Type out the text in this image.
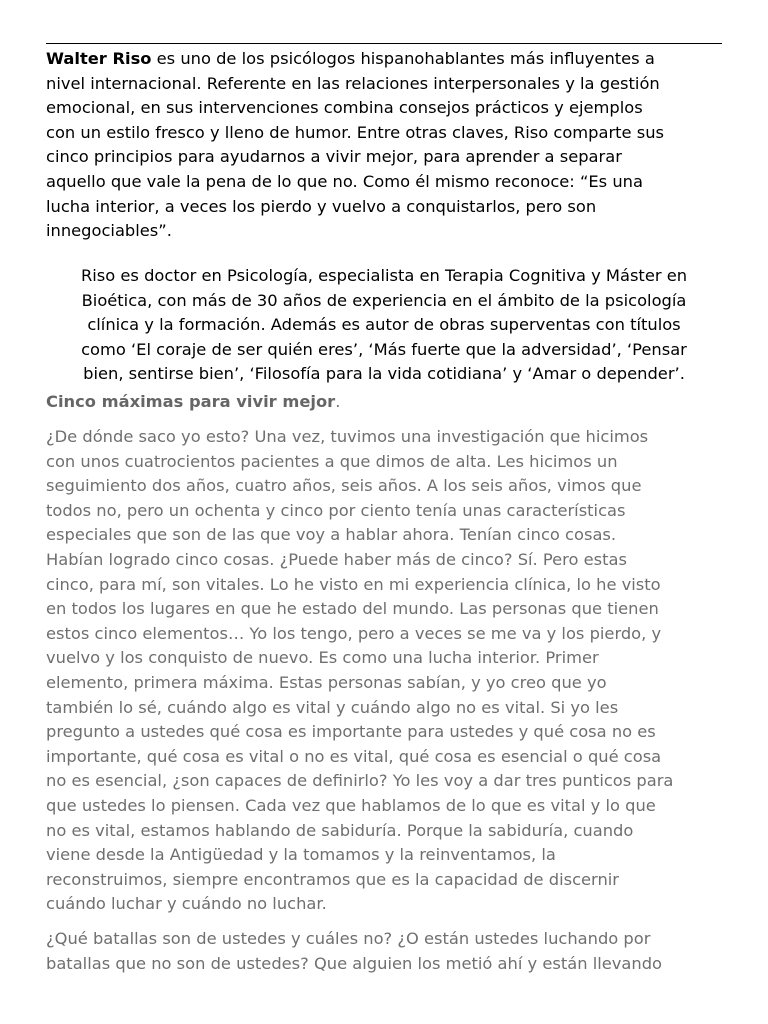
Walter Riso es uno de los psicólogos hispanohablantes más influyentes a
nivel internacional. Referente en las relaciones interpersonales y la gestión
emocional, en sus intervenciones combina consejos prácticos y ejemplos
con un estilo fresco y lleno de humor. Entre otras claves, Riso comparte sus
cinco principios para ayudarnos a vivir mejor, para aprender a separar
aquello que vale la pena de lo que no. Como él mismo reconoce: “Es una
lucha interior, a veces los pierdo y vuelvo a conquistarlos, pero son
innegociables”.

Riso es doctor en Psicología, especialista en Terapia Cognitiva y Máster en
Bioética, con más de 30 años de experiencia en el ámbito de la psicología
clínica y la formación. Además es autor de obras superventas con títulos
como ‘El coraje de ser quién eres’, ‘Más fuerte que la adversidad’, ‘Pensar
bien, sentirse bien’, ‘Filosofía para la vida cotidiana’ y ‘Amar o depender’.

Cinco máximas para vivir mejor.

¿De dónde saco yo esto? Una vez, tuvimos una investigación que hicimos
con unos cuatrocientos pacientes a que dimos de alta. Les hicimos un
seguimiento dos años, cuatro años, seis años. A los seis años, vimos que
todos no, pero un ochenta y cinco por ciento tenía unas características
especiales que son de las que voy a hablar ahora. Tenían cinco cosas.
Habían logrado cinco cosas. ¿Puede haber más de cinco? Sí. Pero estas
cinco, para mí, son vitales. Lo he visto en mi experiencia clínica, lo he visto
en todos los lugares en que he estado del mundo. Las personas que tienen
estos cinco elementos… Yo los tengo, pero a veces se me va y los pierdo, y
vuelvo y los conquisto de nuevo. Es como una lucha interior. Primer
elemento, primera máxima. Estas personas sabían, y yo creo que yo
también lo sé, cuándo algo es vital y cuándo algo no es vital. Si yo les
pregunto a ustedes qué cosa es importante para ustedes y qué cosa no es
importante, qué cosa es vital o no es vital, qué cosa es esencial o qué cosa
no es esencial, ¿son capaces de definirlo? Yo les voy a dar tres punticos para
que ustedes lo piensen. Cada vez que hablamos de lo que es vital y lo que
no es vital, estamos hablando de sabiduría. Porque la sabiduría, cuando
viene desde la Antigüedad y la tomamos y la reinventamos, la
reconstruimos, siempre encontramos que es la capacidad de discernir
cuándo luchar y cuándo no luchar.

¿Qué batallas son de ustedes y cuáles no? ¿O están ustedes luchando por
batallas que no son de ustedes? Que alguien los metió ahí y están llevando
